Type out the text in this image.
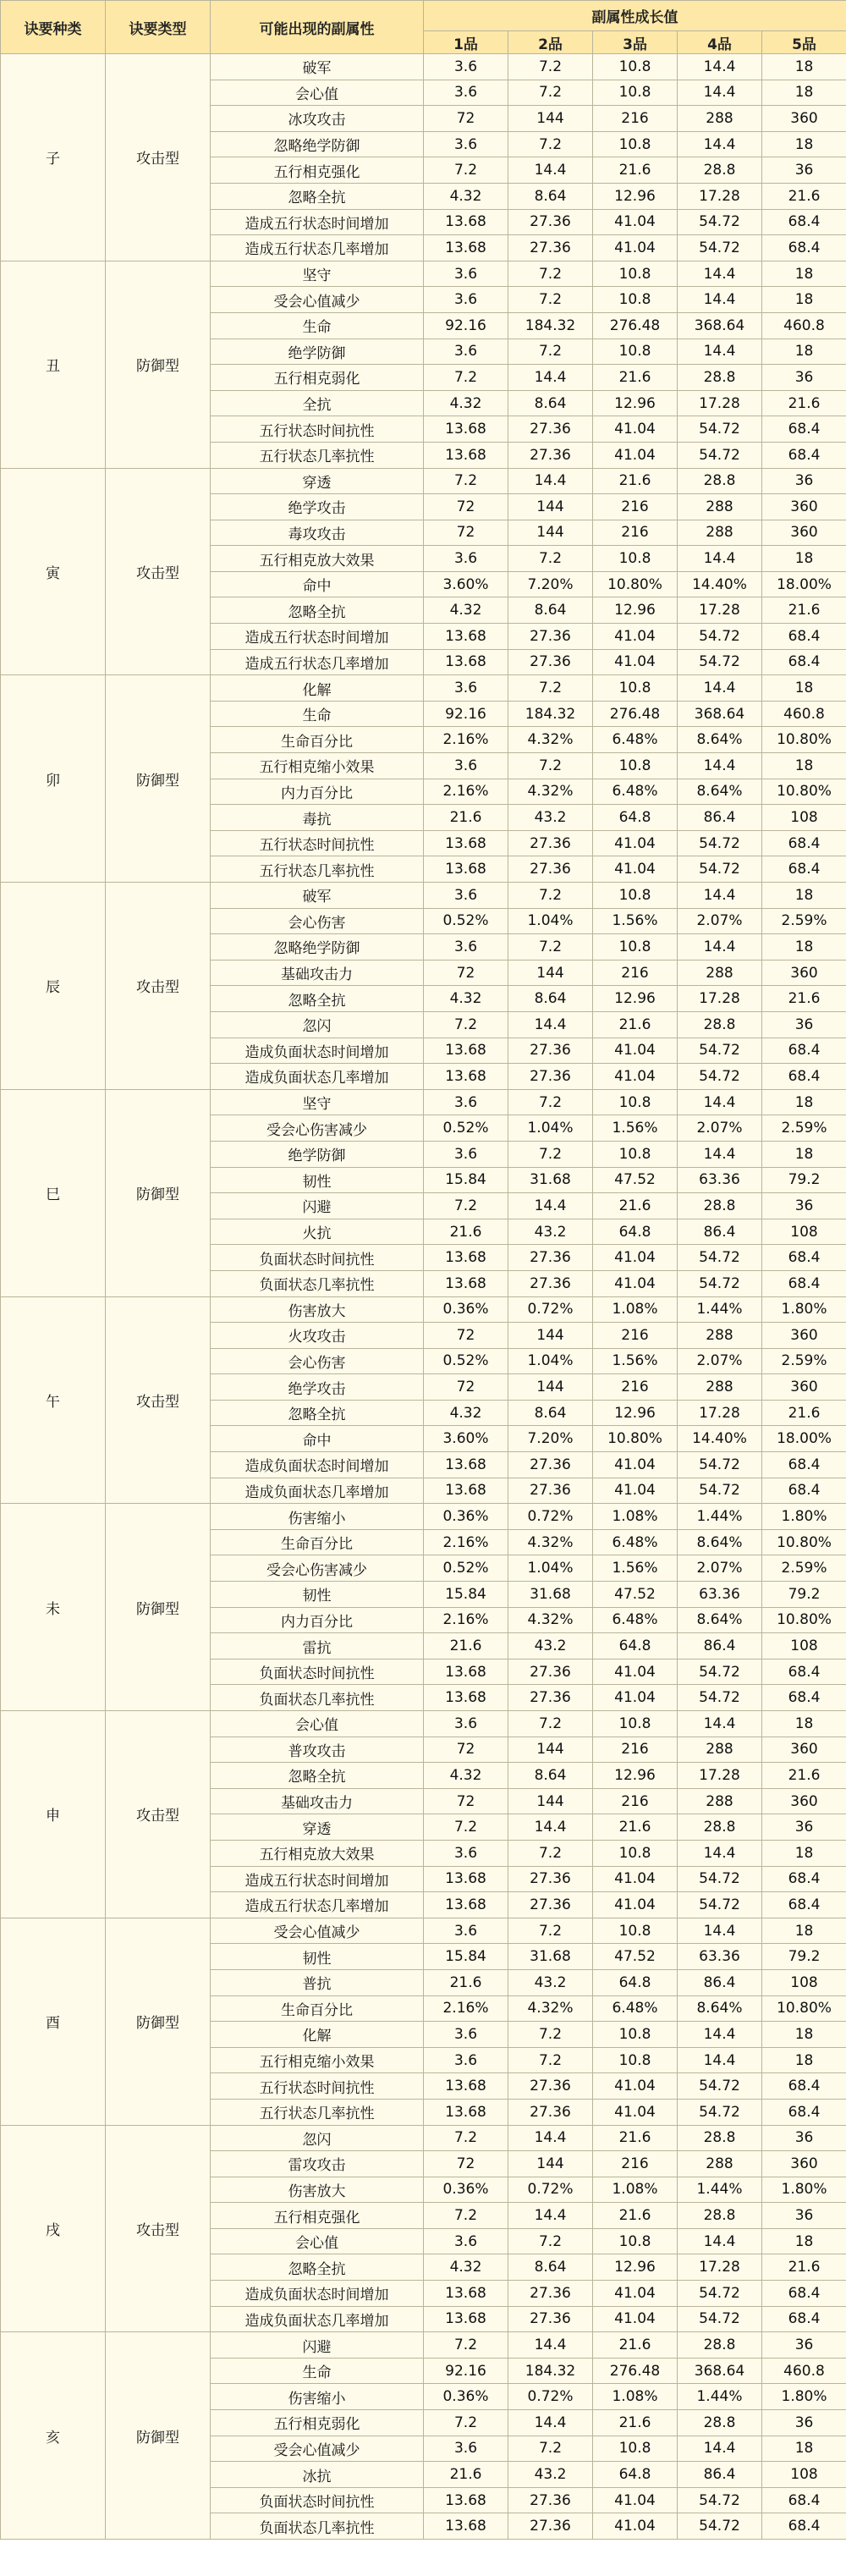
诀要种类	诀要类型	可能出现的副属性	副属性成长值				
			1品	2品	3品	4品	5品
子	攻击型	破军	3.6	7.2	10.8	14.4	18
		会心值	3.6	7.2	10.8	14.4	18
		冰攻攻击	72	144	216	288	360
		忽略绝学防御	3.6	7.2	10.8	14.4	18
		五行相克强化	7.2	14.4	21.6	28.8	36
		忽略全抗	4.32	8.64	12.96	17.28	21.6
		造成五行状态时间增加	13.68	27.36	41.04	54.72	68.4
		造成五行状态几率增加	13.68	27.36	41.04	54.72	68.4
丑	防御型	坚守	3.6	7.2	10.8	14.4	18
		受会心值减少	3.6	7.2	10.8	14.4	18
		生命	92.16	184.32	276.48	368.64	460.8
		绝学防御	3.6	7.2	10.8	14.4	18
		五行相克弱化	7.2	14.4	21.6	28.8	36
		全抗	4.32	8.64	12.96	17.28	21.6
		五行状态时间抗性	13.68	27.36	41.04	54.72	68.4
		五行状态几率抗性	13.68	27.36	41.04	54.72	68.4
寅	攻击型	穿透	7.2	14.4	21.6	28.8	36
		绝学攻击	72	144	216	288	360
		毒攻攻击	72	144	216	288	360
		五行相克放大效果	3.6	7.2	10.8	14.4	18
		命中	3.60%	7.20%	10.80%	14.40%	18.00%
		忽略全抗	4.32	8.64	12.96	17.28	21.6
		造成五行状态时间增加	13.68	27.36	41.04	54.72	68.4
		造成五行状态几率增加	13.68	27.36	41.04	54.72	68.4
卯	防御型	化解	3.6	7.2	10.8	14.4	18
		生命	92.16	184.32	276.48	368.64	460.8
		生命百分比	2.16%	4.32%	6.48%	8.64%	10.80%
		五行相克缩小效果	3.6	7.2	10.8	14.4	18
		内力百分比	2.16%	4.32%	6.48%	8.64%	10.80%
		毒抗	21.6	43.2	64.8	86.4	108
		五行状态时间抗性	13.68	27.36	41.04	54.72	68.4
		五行状态几率抗性	13.68	27.36	41.04	54.72	68.4
辰	攻击型	破军	3.6	7.2	10.8	14.4	18
		会心伤害	0.52%	1.04%	1.56%	2.07%	2.59%
		忽略绝学防御	3.6	7.2	10.8	14.4	18
		基础攻击力	72	144	216	288	360
		忽略全抗	4.32	8.64	12.96	17.28	21.6
		忽闪	7.2	14.4	21.6	28.8	36
		造成负面状态时间增加	13.68	27.36	41.04	54.72	68.4
		造成负面状态几率增加	13.68	27.36	41.04	54.72	68.4
巳	防御型	坚守	3.6	7.2	10.8	14.4	18
		受会心伤害减少	0.52%	1.04%	1.56%	2.07%	2.59%
		绝学防御	3.6	7.2	10.8	14.4	18
		韧性	15.84	31.68	47.52	63.36	79.2
		闪避	7.2	14.4	21.6	28.8	36
		火抗	21.6	43.2	64.8	86.4	108
		负面状态时间抗性	13.68	27.36	41.04	54.72	68.4
		负面状态几率抗性	13.68	27.36	41.04	54.72	68.4
午	攻击型	伤害放大	0.36%	0.72%	1.08%	1.44%	1.80%
		火攻攻击	72	144	216	288	360
		会心伤害	0.52%	1.04%	1.56%	2.07%	2.59%
		绝学攻击	72	144	216	288	360
		忽略全抗	4.32	8.64	12.96	17.28	21.6
		命中	3.60%	7.20%	10.80%	14.40%	18.00%
		造成负面状态时间增加	13.68	27.36	41.04	54.72	68.4
		造成负面状态几率增加	13.68	27.36	41.04	54.72	68.4
未	防御型	伤害缩小	0.36%	0.72%	1.08%	1.44%	1.80%
		生命百分比	2.16%	4.32%	6.48%	8.64%	10.80%
		受会心伤害减少	0.52%	1.04%	1.56%	2.07%	2.59%
		韧性	15.84	31.68	47.52	63.36	79.2
		内力百分比	2.16%	4.32%	6.48%	8.64%	10.80%
		雷抗	21.6	43.2	64.8	86.4	108
		负面状态时间抗性	13.68	27.36	41.04	54.72	68.4
		负面状态几率抗性	13.68	27.36	41.04	54.72	68.4
申	攻击型	会心值	3.6	7.2	10.8	14.4	18
		普攻攻击	72	144	216	288	360
		忽略全抗	4.32	8.64	12.96	17.28	21.6
		基础攻击力	72	144	216	288	360
		穿透	7.2	14.4	21.6	28.8	36
		五行相克放大效果	3.6	7.2	10.8	14.4	18
		造成五行状态时间增加	13.68	27.36	41.04	54.72	68.4
		造成五行状态几率增加	13.68	27.36	41.04	54.72	68.4
酉	防御型	受会心值减少	3.6	7.2	10.8	14.4	18
		韧性	15.84	31.68	47.52	63.36	79.2
		普抗	21.6	43.2	64.8	86.4	108
		生命百分比	2.16%	4.32%	6.48%	8.64%	10.80%
		化解	3.6	7.2	10.8	14.4	18
		五行相克缩小效果	3.6	7.2	10.8	14.4	18
		五行状态时间抗性	13.68	27.36	41.04	54.72	68.4
		五行状态几率抗性	13.68	27.36	41.04	54.72	68.4
戌	攻击型	忽闪	7.2	14.4	21.6	28.8	36
		雷攻攻击	72	144	216	288	360
		伤害放大	0.36%	0.72%	1.08%	1.44%	1.80%
		五行相克强化	7.2	14.4	21.6	28.8	36
		会心值	3.6	7.2	10.8	14.4	18
		忽略全抗	4.32	8.64	12.96	17.28	21.6
		造成负面状态时间增加	13.68	27.36	41.04	54.72	68.4
		造成负面状态几率增加	13.68	27.36	41.04	54.72	68.4
亥	防御型	闪避	7.2	14.4	21.6	28.8	36
		生命	92.16	184.32	276.48	368.64	460.8
		伤害缩小	0.36%	0.72%	1.08%	1.44%	1.80%
		五行相克弱化	7.2	14.4	21.6	28.8	36
		受会心值减少	3.6	7.2	10.8	14.4	18
		冰抗	21.6	43.2	64.8	86.4	108
		负面状态时间抗性	13.68	27.36	41.04	54.72	68.4
		负面状态几率抗性	13.68	27.36	41.04	54.72	68.4
